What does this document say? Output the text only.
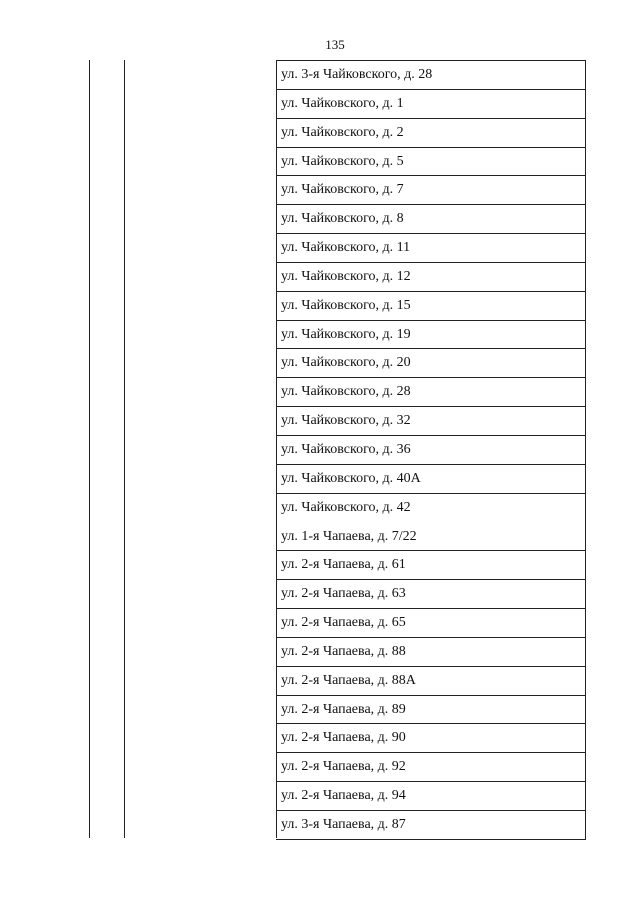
135
ул. 3-я Чайковского, д. 28
ул. Чайковского, д. 1
ул. Чайковского, д. 2
ул. Чайковского, д. 5
ул. Чайковского, д. 7
ул. Чайковского, д. 8
ул. Чайковского, д. 11
ул. Чайковского, д. 12
ул. Чайковского, д. 15
ул. Чайковского, д. 19
ул. Чайковского, д. 20
ул. Чайковского, д. 28
ул. Чайковского, д. 32
ул. Чайковского, д. 36
ул. Чайковского, д. 40А
ул. Чайковского, д. 42
ул. 1-я Чапаева, д. 7/22
ул. 2-я Чапаева, д. 61
ул. 2-я Чапаева, д. 63
ул. 2-я Чапаева, д. 65
ул. 2-я Чапаева, д. 88
ул. 2-я Чапаева, д. 88А
ул. 2-я Чапаева, д. 89
ул. 2-я Чапаева, д. 90
ул. 2-я Чапаева, д. 92
ул. 2-я Чапаева, д. 94
ул. 3-я Чапаева, д. 87
